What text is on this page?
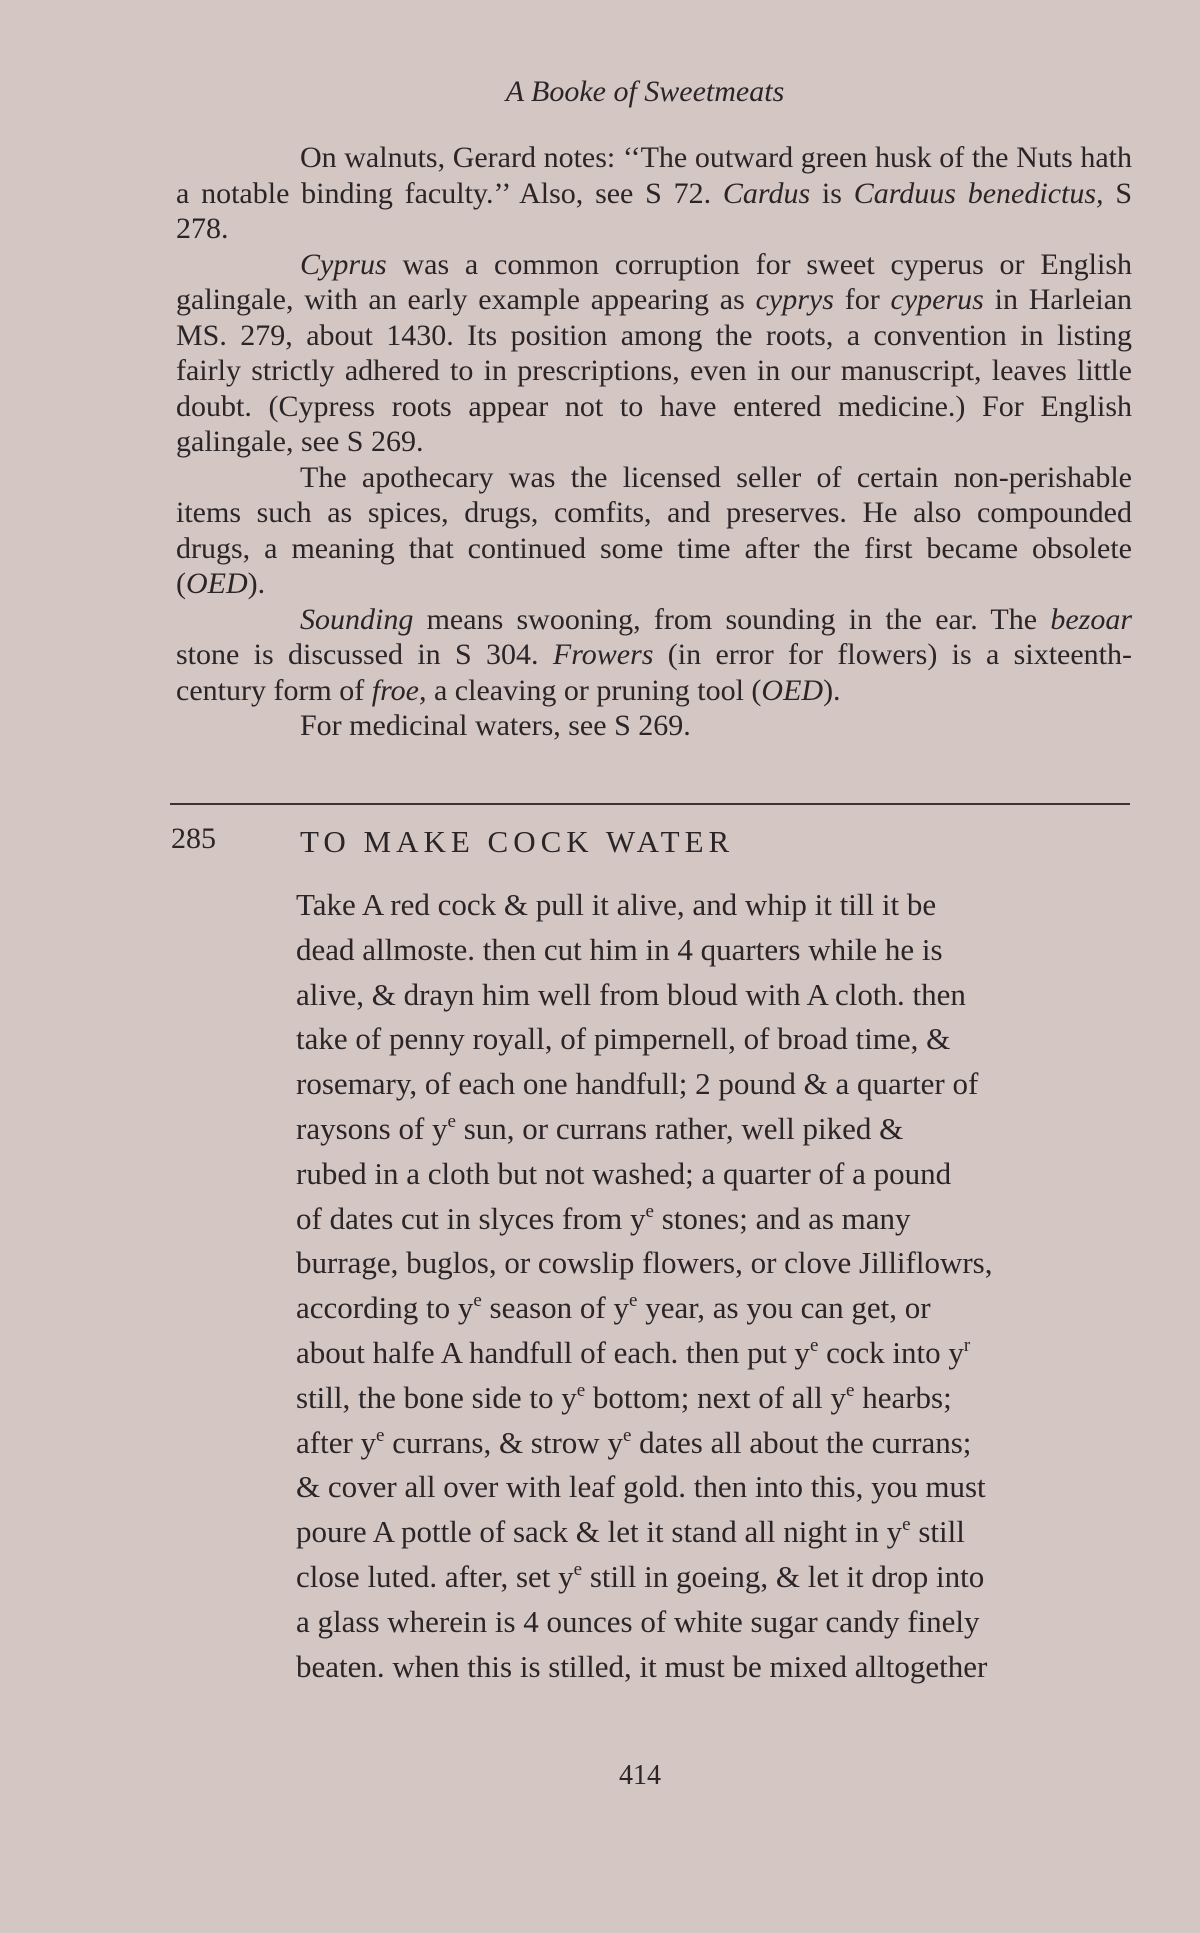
A Booke of Sweetmeats

On walnuts, Gerard notes: ‘‘The outward green husk of the Nuts hath a notable binding faculty.’’ Also, see S 72. Cardus is Carduus benedictus, S 278.

Cyprus was a common corruption for sweet cyperus or English galingale, with an early example appearing as cyprys for cyperus in Harleian MS. 279, about 1430. Its position among the roots, a convention in listing fairly strictly adhered to in prescriptions, even in our manuscript, leaves little doubt. (Cypress roots appear not to have entered medicine.) For English galingale, see S 269.

The apothecary was the licensed seller of certain non-perishable items such as spices, drugs, comfits, and preserves. He also compounded drugs, a meaning that continued some time after the first became obsolete (OED).

Sounding means swooning, from sounding in the ear. The bezoar stone is discussed in S 304. Frowers (in error for flowers) is a sixteenth-century form of froe, a cleaving or pruning tool (OED).

For medicinal waters, see S 269.

285	TO MAKE COCK WATER
Take A red cock & pull it alive, and whip it till it be
dead allmoste. then cut him in 4 quarters while he is
alive, & drayn him well from bloud with A cloth. then
take of penny royall, of pimpernell, of broad time, &
rosemary, of each one handfull; 2 pound & a quarter of
raysons of $y^e$ sun, or currans rather, well piked &
rubed in a cloth but not washed; a quarter of a pound
of dates cut in slyces from $y^e$ stones; and as many
burrage, buglos, or cowslip flowers, or clove Jilliflowrs,
according to $y^e$ season of $y^e$ year, as you can get, or
about halfe A handfull of each. then put $y^e$ cock into $y^r$
still, the bone side to $y^e$ bottom; next of all $y^e$ hearbs;
after $y^e$ currans, & strow $y^e$ dates all about the currans;
& cover all over with leaf gold. then into this, you must
poure A pottle of sack & let it stand all night in $y^e$ still
close luted. after, set $y^e$ still in goeing, & let it drop into
a glass wherein is 4 ounces of white sugar candy finely
beaten. when this is stilled, it must be mixed alltogether
414
